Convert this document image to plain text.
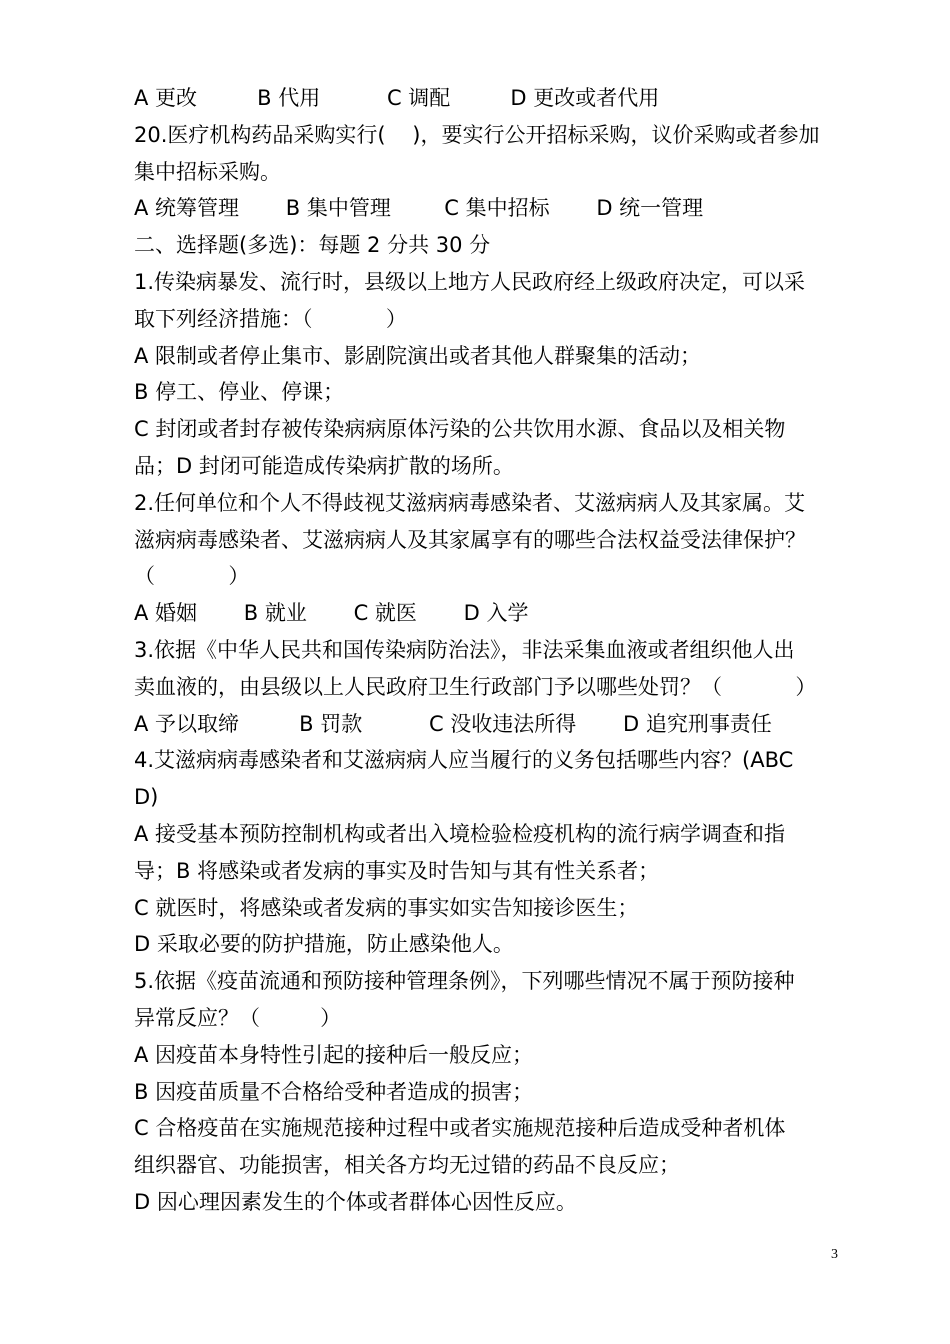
A 更改         B 代用          C 调配         D 更改或者代用
20.医疗机构药品采购实行(    )，要实行公开招标采购，议价采购或者参加
集中招标采购。
A 统筹管理       B 集中管理        C 集中招标       D 统一管理
二、选择题(多选)：每题 2 分共 30 分
1.传染病暴发、流行时，县级以上地方人民政府经上级政府决定，可以采
取下列经济措施：（           ）
A 限制或者停止集市、影剧院演出或者其他人群聚集的活动；
B 停工、停业、停课；
C 封闭或者封存被传染病病原体污染的公共饮用水源、食品以及相关物
品；D 封闭可能造成传染病扩散的场所。
2.任何单位和个人不得歧视艾滋病病毒感染者、艾滋病病人及其家属。艾
滋病病毒感染者、艾滋病病人及其家属享有的哪些合法权益受法律保护？
（           ）
A 婚姻       B 就业       C 就医       D 入学
3.依据《中华人民共和国传染病防治法》，非法采集血液或者组织他人出
卖血液的，由县级以上人民政府卫生行政部门予以哪些处罚？（           ）
A 予以取缔         B 罚款          C 没收违法所得       D 追究刑事责任
4.艾滋病病毒感染者和艾滋病病人应当履行的义务包括哪些内容？(ABC
D)
A 接受基本预防控制机构或者出入境检验检疫机构的流行病学调查和指
导；B 将感染或者发病的事实及时告知与其有性关系者；
C 就医时，将感染或者发病的事实如实告知接诊医生；
D 采取必要的防护措施，防止感染他人。
5.依据《疫苗流通和预防接种管理条例》，下列哪些情况不属于预防接种
异常反应？（         ）
A 因疫苗本身特性引起的接种后一般反应；
B 因疫苗质量不合格给受种者造成的损害；
C 合格疫苗在实施规范接种过程中或者实施规范接种后造成受种者机体
组织器官、功能损害，相关各方均无过错的药品不良反应；
D 因心理因素发生的个体或者群体心因性反应。
3
